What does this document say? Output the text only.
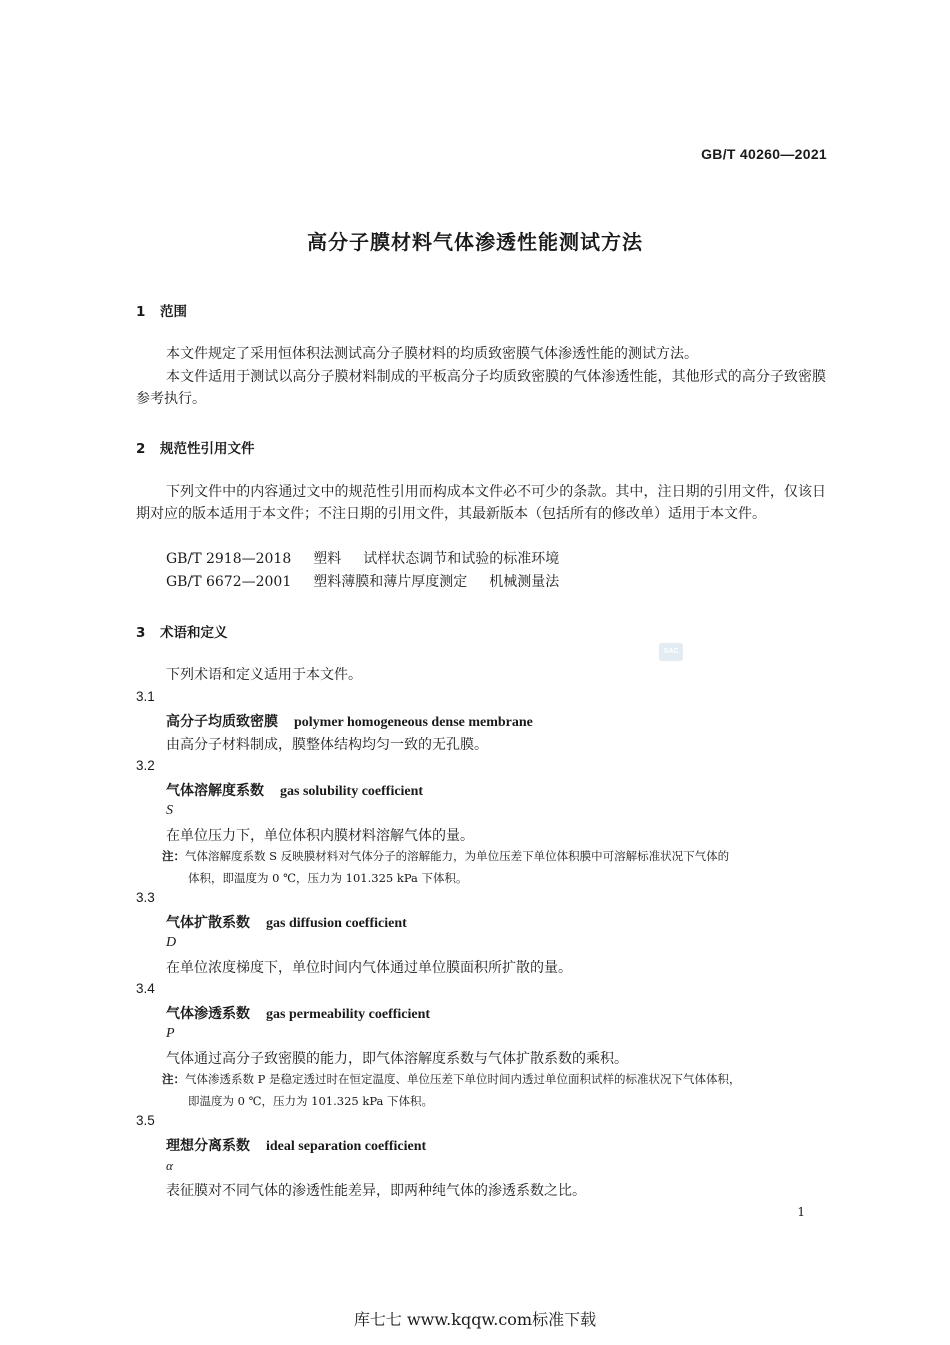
GB/T 40260—2021
高分子膜材料气体渗透性能测试方法
1 范围
本文件规定了采用恒体积法测试高分子膜材料的均质致密膜气体渗透性能的测试方法。
本文件适用于测试以高分子膜材料制成的平板高分子均质致密膜的气体渗透性能，其他形式的高分子致密膜参考执行。
2 规范性引用文件
下列文件中的内容通过文中的规范性引用而构成本文件必不可少的条款。其中，注日期的引用文件，仅该日期对应的版本适用于本文件；不注日期的引用文件，其最新版本（包括所有的修改单）适用于本文件。
GB/T 2918—2018 塑料 试样状态调节和试验的标准环境
GB/T 6672—2001 塑料薄膜和薄片厚度测定 机械测量法
3 术语和定义
下列术语和定义适用于本文件。
3.1
高分子均质致密膜 polymer homogeneous dense membrane
由高分子材料制成，膜整体结构均匀一致的无孔膜。
3.2
气体溶解度系数 gas solubility coefficient
S
在单位压力下，单位体积内膜材料溶解气体的量。
注：气体溶解度系数 S 反映膜材料对气体分子的溶解能力，为单位压差下单位体积膜中可溶解标准状况下气体的
体积，即温度为 0 ℃，压力为 101.325 kPa 下体积。
3.3
气体扩散系数 gas diffusion coefficient
D
在单位浓度梯度下，单位时间内气体通过单位膜面积所扩散的量。
3.4
气体渗透系数 gas permeability coefficient
P
气体通过高分子致密膜的能力，即气体溶解度系数与气体扩散系数的乘积。
注：气体渗透系数 P 是稳定透过时在恒定温度、单位压差下单位时间内透过单位面积试样的标准状况下气体体积，
即温度为 0 ℃，压力为 101.325 kPa 下体积。
3.5
理想分离系数 ideal separation coefficient
α
表征膜对不同气体的渗透性能差异，即两种纯气体的渗透系数之比。
SAC
1
库七七 www.kqqw.com标准下载
